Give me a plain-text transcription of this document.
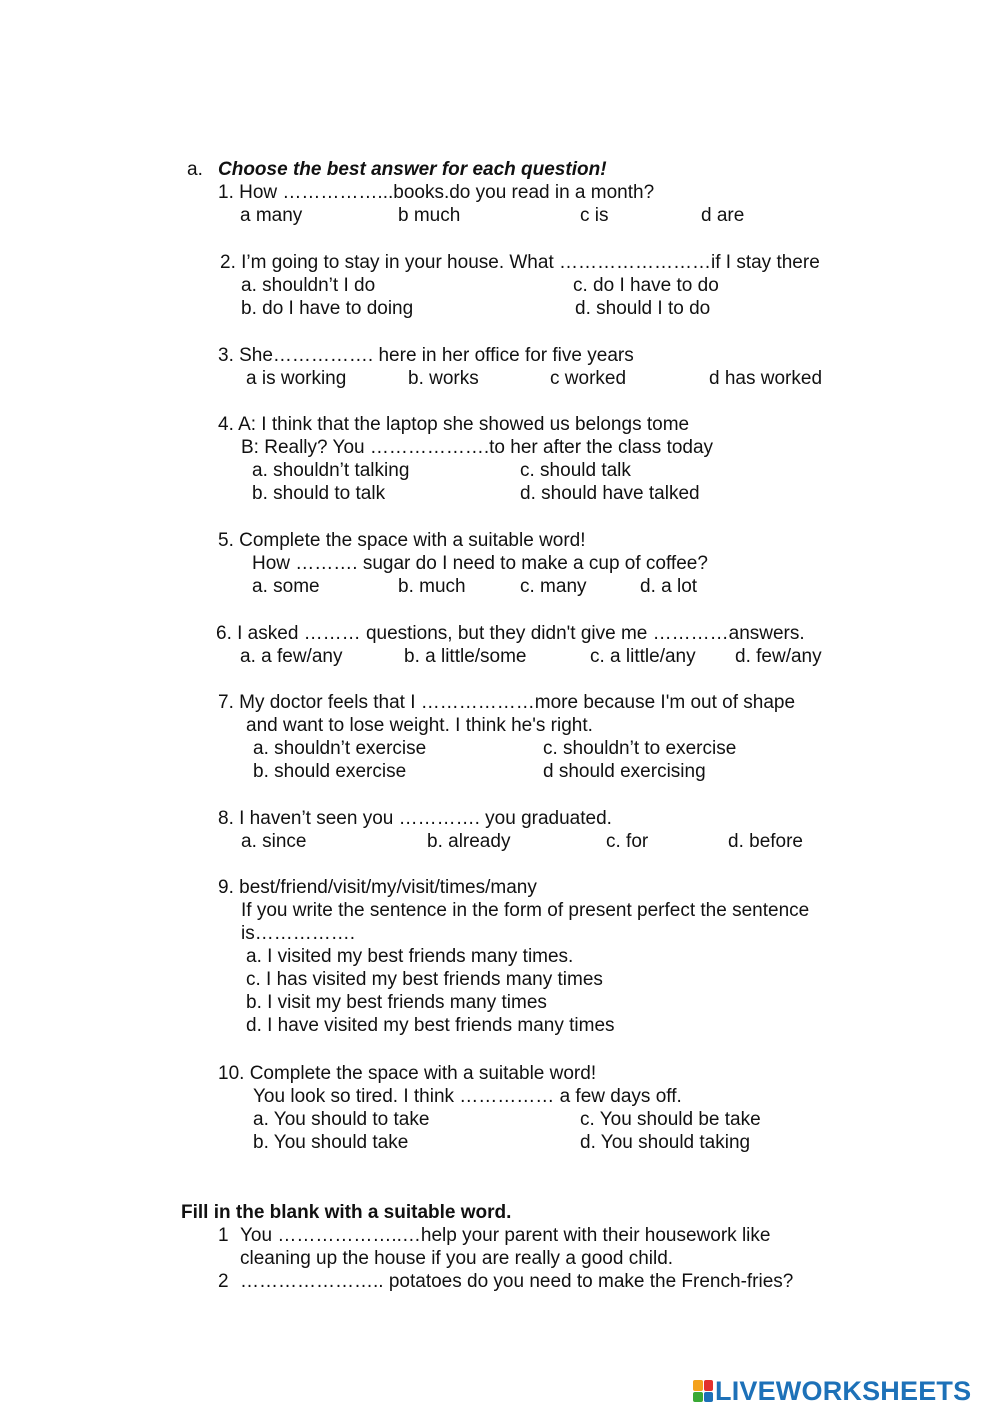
a. Choose the best answer for each question!
1. How ……………...books.do you read in a month?
a many	b much	c is	d are
2. I’m going to stay in your house. What ……………………if I stay there
a. shouldn’t I do	c. do I have to do
b. do I have to doing	d. should I to do
3. She……………. here in her office for five years
a is working	b. works	c worked	d has worked
4. A: I think that the laptop she showed us belongs tome
B: Really? You ……………….to her after the class today
a. shouldn’t talking	c. should talk
b. should to talk	d. should have talked
5. Complete the space with a suitable word!
How ………. sugar do I need to make a cup of coffee?
a. some	b. much	c. many	d. a lot
6. I asked ……… questions, but they didn't give me …………answers.
a. a few/any	b. a little/some	c. a little/any d. few/any
7. My doctor feels that I ………………more because I'm out of shape
and want to lose weight. I think he's right.
a. shouldn’t exercise	c. shouldn’t to exercise
b. should exercise	d should exercising
8. I haven’t seen you …………. you graduated.
a. since	b. already	c. for	d. before
9. best/friend/visit/my/visit/times/many
If you write the sentence in the form of present perfect the sentence
is…………….
a. I visited my best friends many times.
c. I has visited my best friends many times
b. I visit my best friends many times
d. I have visited my best friends many times
10. Complete the space with a suitable word!
You look so tired. I think …………… a few days off.
a. You should to take	c. You should be take
b. You should take	d. You should taking
Fill in the blank with a suitable word.
1 You ………………..…help your parent with their housework like
cleaning up the house if you are really a good child.
2 ………………….. potatoes do you need to make the French-fries?
LIVEWORKSHEETS
